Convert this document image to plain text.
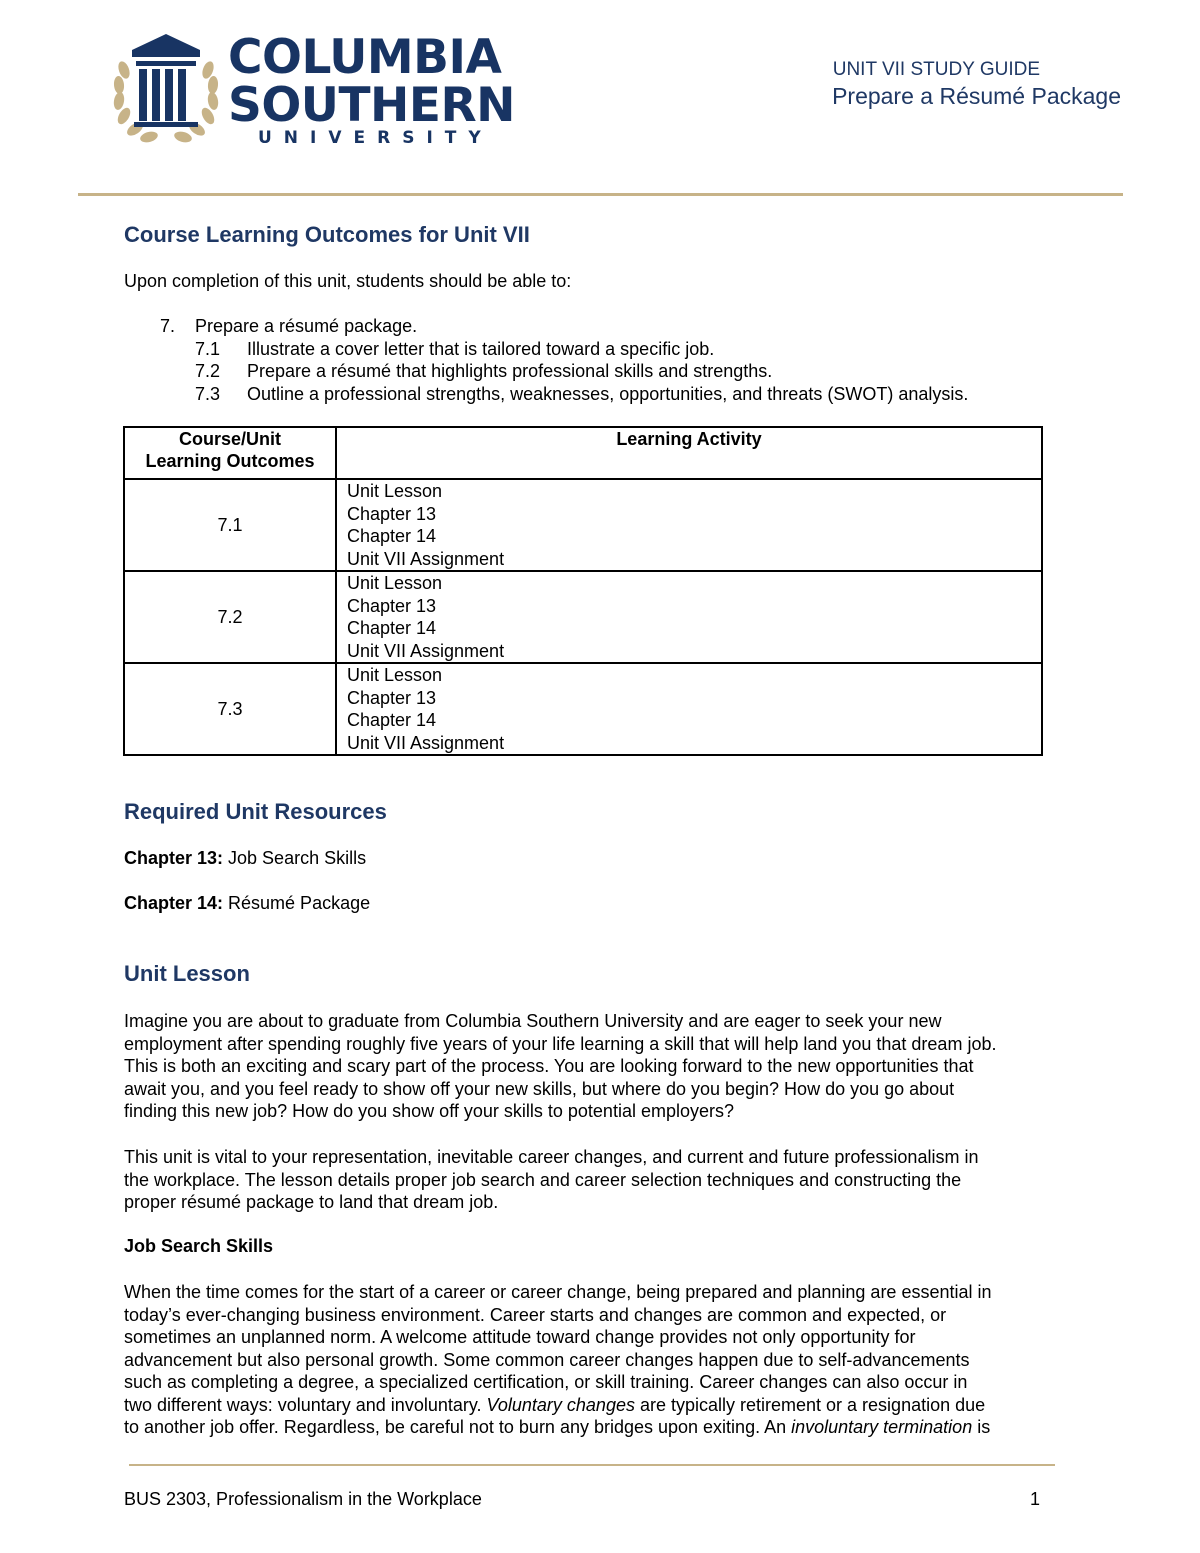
COLUMBIA
SOUTHERN
UNIVERSITY
UNIT VII STUDY GUIDE
Prepare a Résumé Package
Course Learning Outcomes for Unit VII
Upon completion of this unit, students should be able to:
7. Prepare a résumé package.
7.1 Illustrate a cover letter that is tailored toward a specific job.
7.2 Prepare a résumé that highlights professional skills and strengths.
7.3 Outline a professional strengths, weaknesses, opportunities, and threats (SWOT) analysis.
Course/Unit
Learning Outcomes	Learning Activity
7.1	Unit Lesson
Chapter 13
Chapter 14
Unit VII Assignment

7.2	Unit Lesson
Chapter 13
Chapter 14
Unit VII Assignment

7.3	Unit Lesson
Chapter 13
Chapter 14
Unit VII Assignment
Required Unit Resources
Chapter 13: Job Search Skills
Chapter 14: Résumé Package
Unit Lesson

Imagine you are about to graduate from Columbia Southern University and are eager to seek your new

employment after spending roughly five years of your life learning a skill that will help land you that dream job.

This is both an exciting and scary part of the process. You are looking forward to the new opportunities that

await you, and you feel ready to show off your new skills, but where do you begin? How do you go about

finding this new job? How do you show off your skills to potential employers?

This unit is vital to your representation, inevitable career changes, and current and future professionalism in

the workplace. The lesson details proper job search and career selection techniques and constructing the

proper résumé package to land that dream job.

Job Search Skills

When the time comes for the start of a career or career change, being prepared and planning are essential in

today’s ever-changing business environment. Career starts and changes are common and expected, or

sometimes an unplanned norm. A welcome attitude toward change provides not only opportunity for

advancement but also personal growth. Some common career changes happen due to self-advancements

such as completing a degree, a specialized certification, or skill training. Career changes can also occur in

two different ways: voluntary and involuntary. Voluntary changes are typically retirement or a resignation due

to another job offer. Regardless, be careful not to burn any bridges upon exiting. An involuntary termination is

BUS 2303, Professionalism in the Workplace	1
